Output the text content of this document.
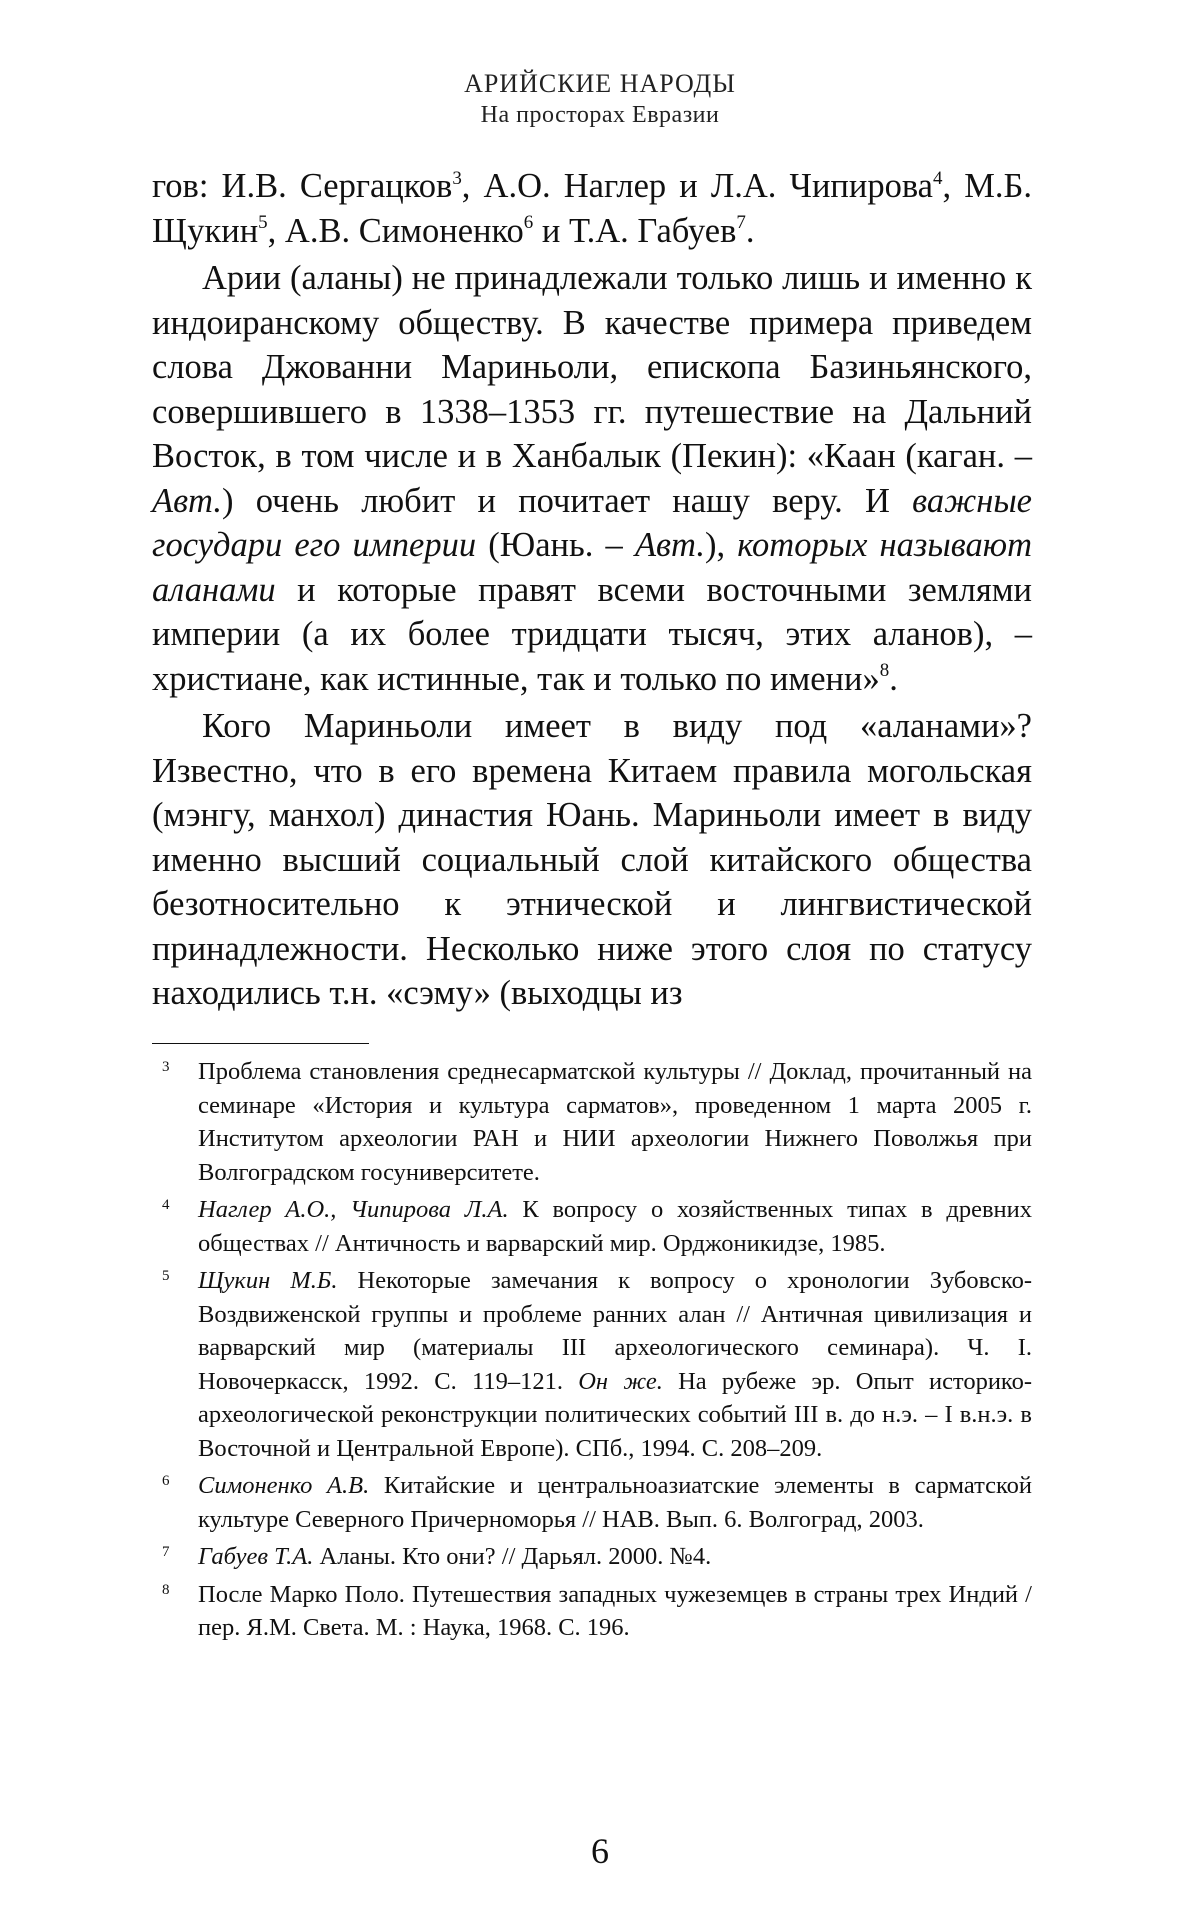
АРИЙСКИЕ НАРОДЫ
На просторах Евразии

гов: И.В. Сергацков$^3$, А.О. Наглер и Л.А. Чипирова$^4$, М.Б. Щукин$^5$, А.В. Симоненко$^6$ и Т.А. Габуев$^7$.

Арии (аланы) не принадлежали только лишь и именно к индоиранскому обществу. В качестве примера приведем слова Джованни Мариньоли, епископа Базиньянского, совершившего в 1338–1353 гг. путешествие на Дальний Восток, в том числе и в Ханбалык (Пекин): «Каан (каган. – Авт.) очень любит и почитает нашу веру. И важные государи его империи (Юань. – Авт.), которых называют аланами и которые правят всеми восточными землями империи (а их более тридцати тысяч, этих аланов), – христиане, как истинные, так и только по имени»$^8$.

Кого Мариньоли имеет в виду под «аланами»? Известно, что в его времена Китаем правила могольская (мэнгу, манхол) династия Юань. Мариньоли имеет в виду именно высший социальный слой китайского общества безотносительно к этнической и лингвистической принадлежности. Несколько ниже этого слоя по статусу находились т.н. «сэму» (выходцы из

3 Проблема становления среднесарматской культуры // Доклад, прочитанный на семинаре «История и культура сарматов», проведенном 1 марта 2005 г. Институтом археологии РАН и НИИ археологии Нижнего Поволжья при Волгоградском госуниверситете.
4 Наглер А.О., Чипирова Л.А. К вопросу о хозяйственных типах в древних обществах // Античность и варварский мир. Орджоникидзе, 1985.
5 Щукин М.Б. Некоторые замечания к вопросу о хронологии Зубовско-Воздвиженской группы и проблеме ранних алан // Античная цивилизация и варварский мир (материалы III археологического семинара). Ч. I. Новочеркасск, 1992. С. 119–121. Он же. На рубеже эр. Опыт историко-археологической реконструкции политических событий III в. до н.э. – I в.н.э. в Восточной и Центральной Европе). СПб., 1994. С. 208–209.
6 Симоненко А.В. Китайские и центральноазиатские элементы в сарматской культуре Северного Причерноморья // НАВ. Вып. 6. Волгоград, 2003.
7 Габуев Т.А. Аланы. Кто они? // Дарьял. 2000. №4.
8 После Марко Поло. Путешествия западных чужеземцев в страны трех Индий / пер. Я.М. Света. М. : Наука, 1968. С. 196.
6
